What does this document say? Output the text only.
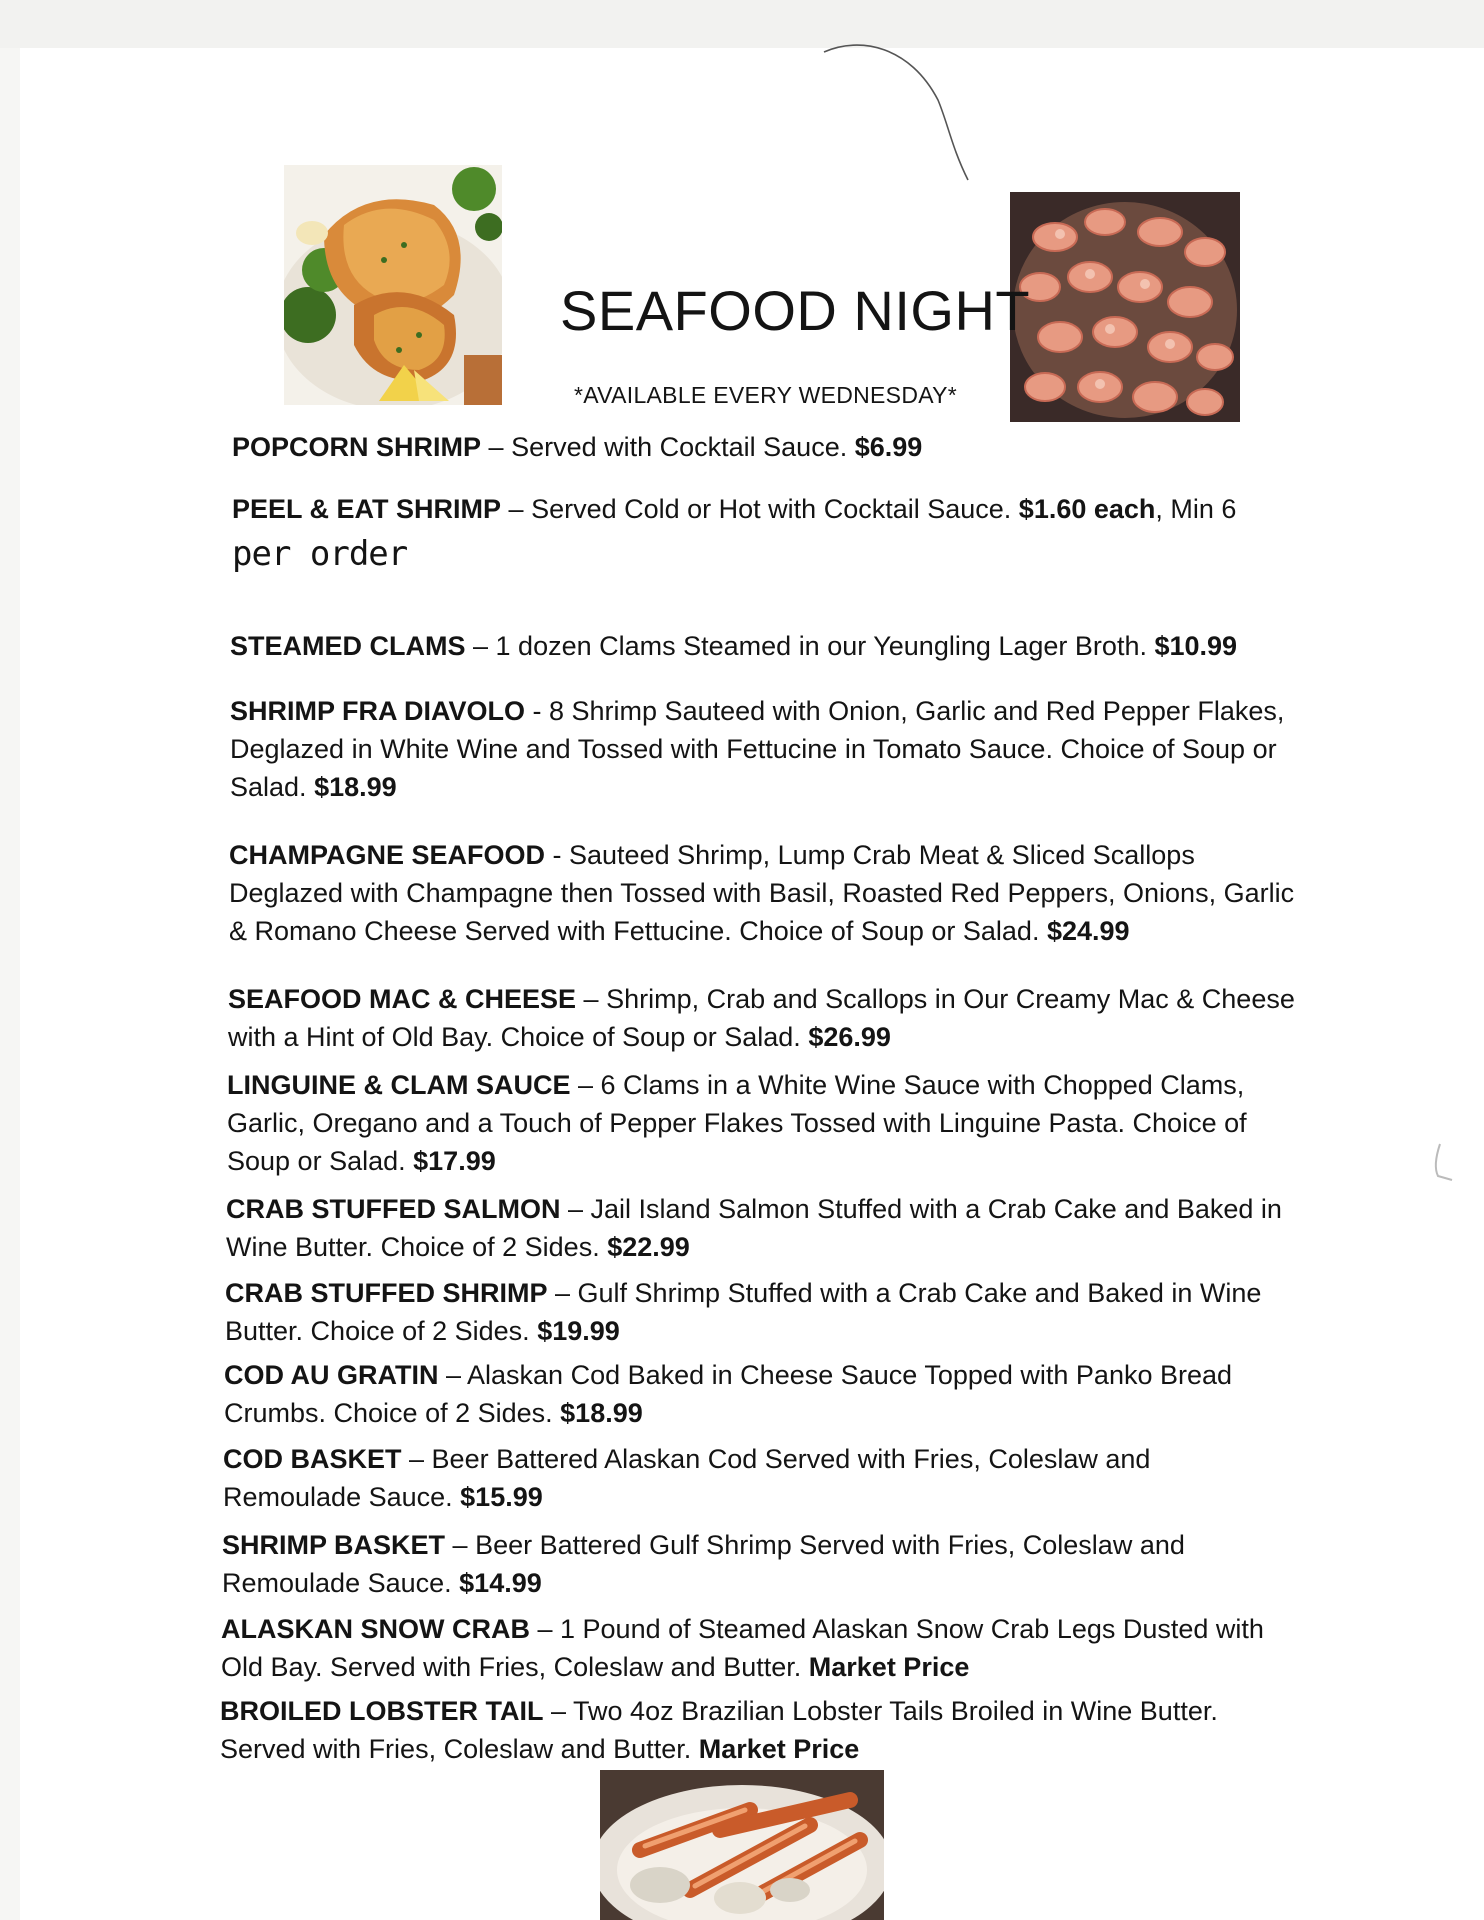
SEAFOOD NIGHT
*AVAILABLE EVERY WEDNESDAY*
POPCORN SHRIMP – Served with Cocktail Sauce. $6.99
PEEL & EAT SHRIMP – Served Cold or Hot with Cocktail Sauce. $1.60 each, Min 6
per order
STEAMED CLAMS – 1 dozen Clams Steamed in our Yeungling Lager Broth. $10.99
SHRIMP FRA DIAVOLO - 8 Shrimp Sauteed with Onion, Garlic and Red Pepper Flakes, Deglazed in White Wine and Tossed with Fettucine in Tomato Sauce. Choice of Soup or Salad. $18.99
CHAMPAGNE SEAFOOD - Sauteed Shrimp, Lump Crab Meat & Sliced Scallops Deglazed with Champagne then Tossed with Basil, Roasted Red Peppers, Onions, Garlic & Romano Cheese Served with Fettucine. Choice of Soup or Salad. $24.99
SEAFOOD MAC & CHEESE – Shrimp, Crab and Scallops in Our Creamy Mac & Cheese with a Hint of Old Bay. Choice of Soup or Salad. $26.99
LINGUINE & CLAM SAUCE – 6 Clams in a White Wine Sauce with Chopped Clams, Garlic, Oregano and a Touch of Pepper Flakes Tossed with Linguine Pasta. Choice of Soup or Salad. $17.99
CRAB STUFFED SALMON – Jail Island Salmon Stuffed with a Crab Cake and Baked in Wine Butter. Choice of 2 Sides. $22.99
CRAB STUFFED SHRIMP – Gulf Shrimp Stuffed with a Crab Cake and Baked in Wine Butter. Choice of 2 Sides. $19.99
COD AU GRATIN – Alaskan Cod Baked in Cheese Sauce Topped with Panko Bread Crumbs. Choice of 2 Sides. $18.99
COD BASKET – Beer Battered Alaskan Cod Served with Fries, Coleslaw and Remoulade Sauce. $15.99
SHRIMP BASKET – Beer Battered Gulf Shrimp Served with Fries, Coleslaw and Remoulade Sauce. $14.99
ALASKAN SNOW CRAB – 1 Pound of Steamed Alaskan Snow Crab Legs Dusted with Old Bay. Served with Fries, Coleslaw and Butter. Market Price
BROILED LOBSTER TAIL – Two 4oz Brazilian Lobster Tails Broiled in Wine Butter. Served with Fries, Coleslaw and Butter. Market Price
